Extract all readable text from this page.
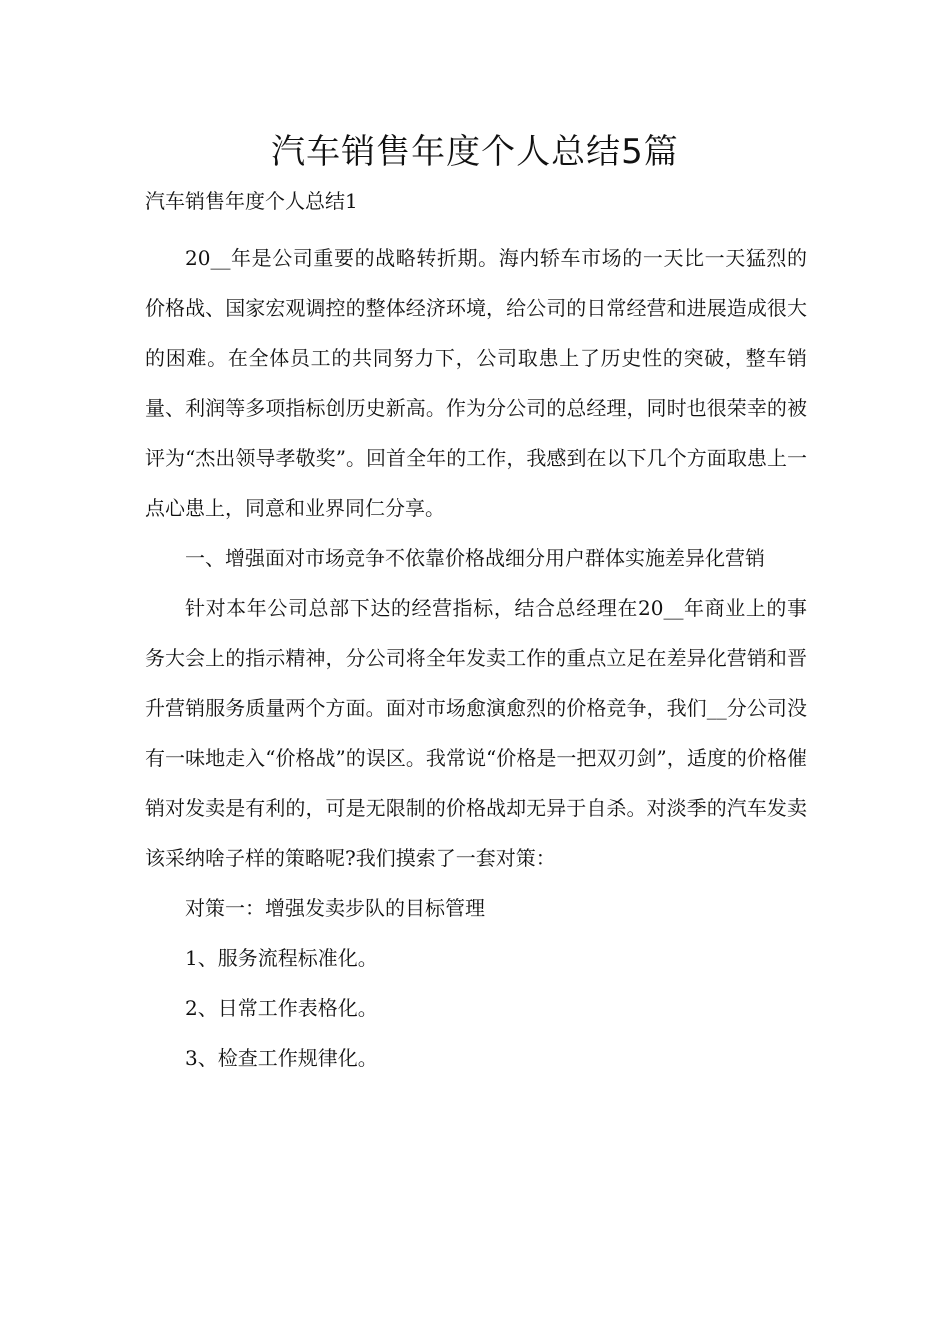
汽车销售年度个人总结5篇

汽车销售年度个人总结1

20__年是公司重要的战略转折期。海内轿车市场的一天比一天猛烈的价格战、国家宏观调控的整体经济环境，给公司的日常经营和进展造成很大的困难。在全体员工的共同努力下，公司取患上了历史性的突破，整车销量、利润等多项指标创历史新高。作为分公司的总经理，同时也很荣幸的被评为“杰出领导孝敬奖”。回首全年的工作，我感到在以下几个方面取患上一点心患上，同意和业界同仁分享。

一、增强面对市场竞争不依靠价格战细分用户群体实施差异化营销

针对本年公司总部下达的经营指标，结合总经理在20__年商业上的事务大会上的指示精神，分公司将全年发卖工作的重点立足在差异化营销和晋升营销服务质量两个方面。面对市场愈演愈烈的价格竞争，我们__分公司没有一味地走入“价格战”的误区。我常说“价格是一把双刃剑”，适度的价格催销对发卖是有利的，可是无限制的价格战却无异于自杀。对淡季的汽车发卖该采纳啥子样的策略呢?我们摸索了一套对策：

对策一：增强发卖步队的目标管理

1、服务流程标准化。

2、日常工作表格化。

3、检查工作规律化。
